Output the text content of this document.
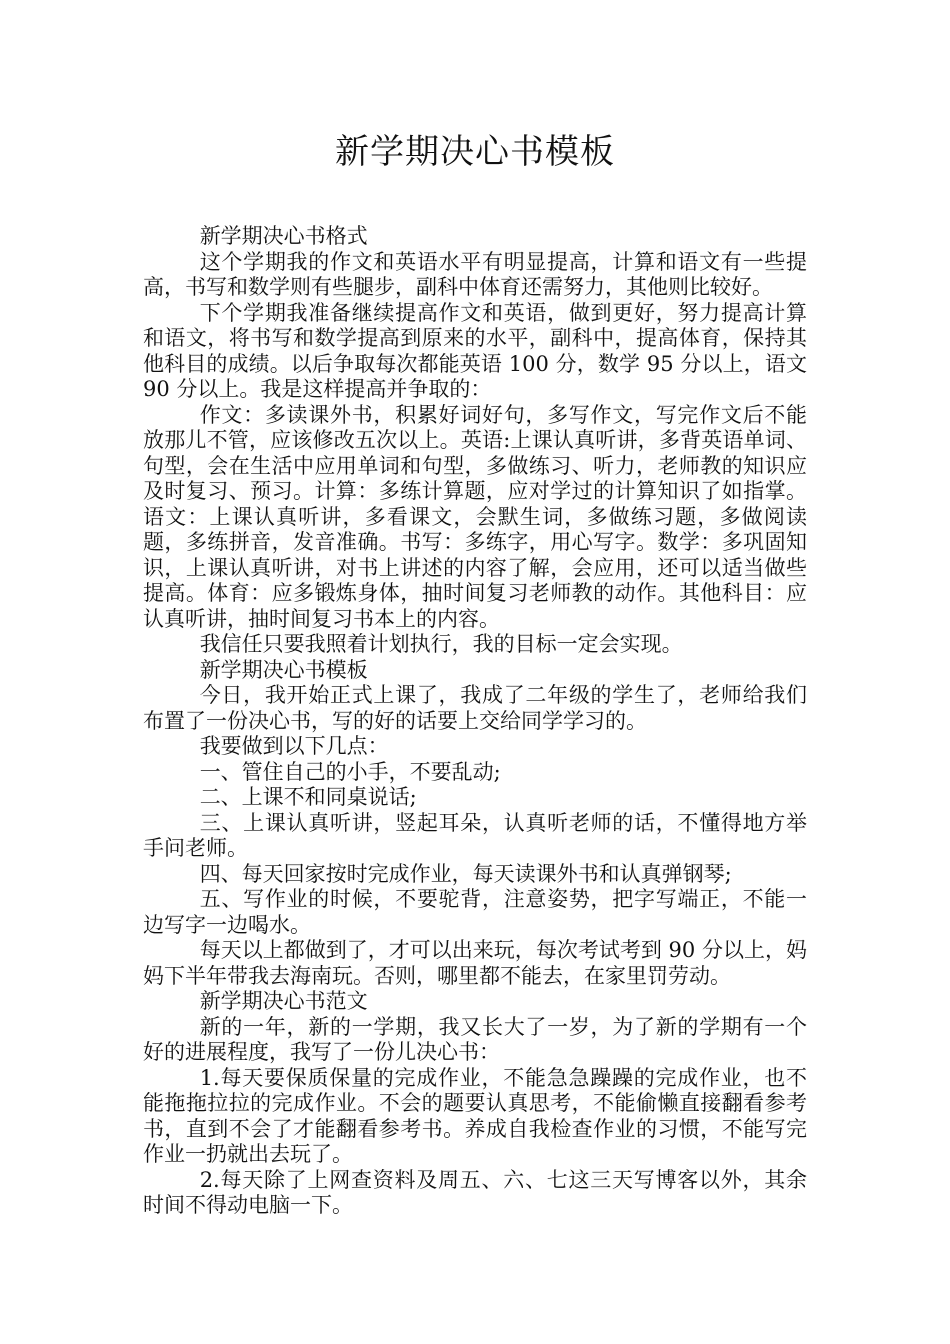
新学期决心书模板

新学期决心书格式

这个学期我的作文和英语水平有明显提高，计算和语文有一些提高，书写和数学则有些腿步，副科中体育还需努力，其他则比较好。

下个学期我准备继续提高作文和英语，做到更好，努力提高计算和语文，将书写和数学提高到原来的水平，副科中，提高体育，保持其他科目的成绩。以后争取每次都能英语 100 分，数学 95 分以上，语文 90 分以上。我是这样提高并争取的：

作文：多读课外书，积累好词好句，多写作文，写完作文后不能放那儿不管，应该修改五次以上。英语:上课认真听讲，多背英语单词、句型，会在生活中应用单词和句型，多做练习、听力，老师教的知识应及时复习、预习。计算：多练计算题，应对学过的计算知识了如指掌。语文：上课认真听讲，多看课文，会默生词，多做练习题，多做阅读题，多练拼音，发音准确。书写：多练字，用心写字。数学：多巩固知识，上课认真听讲，对书上讲述的内容了解，会应用，还可以适当做些提高。体育：应多锻炼身体，抽时间复习老师教的动作。其他科目：应认真听讲，抽时间复习书本上的内容。

我信任只要我照着计划执行，我的目标一定会实现。

新学期决心书模板

今日，我开始正式上课了，我成了二年级的学生了，老师给我们布置了一份决心书，写的好的话要上交给同学学习的。

我要做到以下几点：

一、管住自己的小手，不要乱动;

二、上课不和同桌说话;

三、上课认真听讲，竖起耳朵，认真听老师的话，不懂得地方举手问老师。

四、每天回家按时完成作业，每天读课外书和认真弹钢琴;

五、写作业的时候，不要驼背，注意姿势，把字写端正，不能一边写字一边喝水。

每天以上都做到了，才可以出来玩，每次考试考到 90 分以上，妈妈下半年带我去海南玩。否则，哪里都不能去，在家里罚劳动。

新学期决心书范文

新的一年，新的一学期，我又长大了一岁，为了新的学期有一个好的进展程度，我写了一份儿决心书：

1.每天要保质保量的完成作业，不能急急躁躁的完成作业，也不能拖拖拉拉的完成作业。不会的题要认真思考，不能偷懒直接翻看参考书，直到不会了才能翻看参考书。养成自我检查作业的习惯，不能写完作业一扔就出去玩了。

2.每天除了上网查资料及周五、六、七这三天写博客以外，其余时间不得动电脑一下。
